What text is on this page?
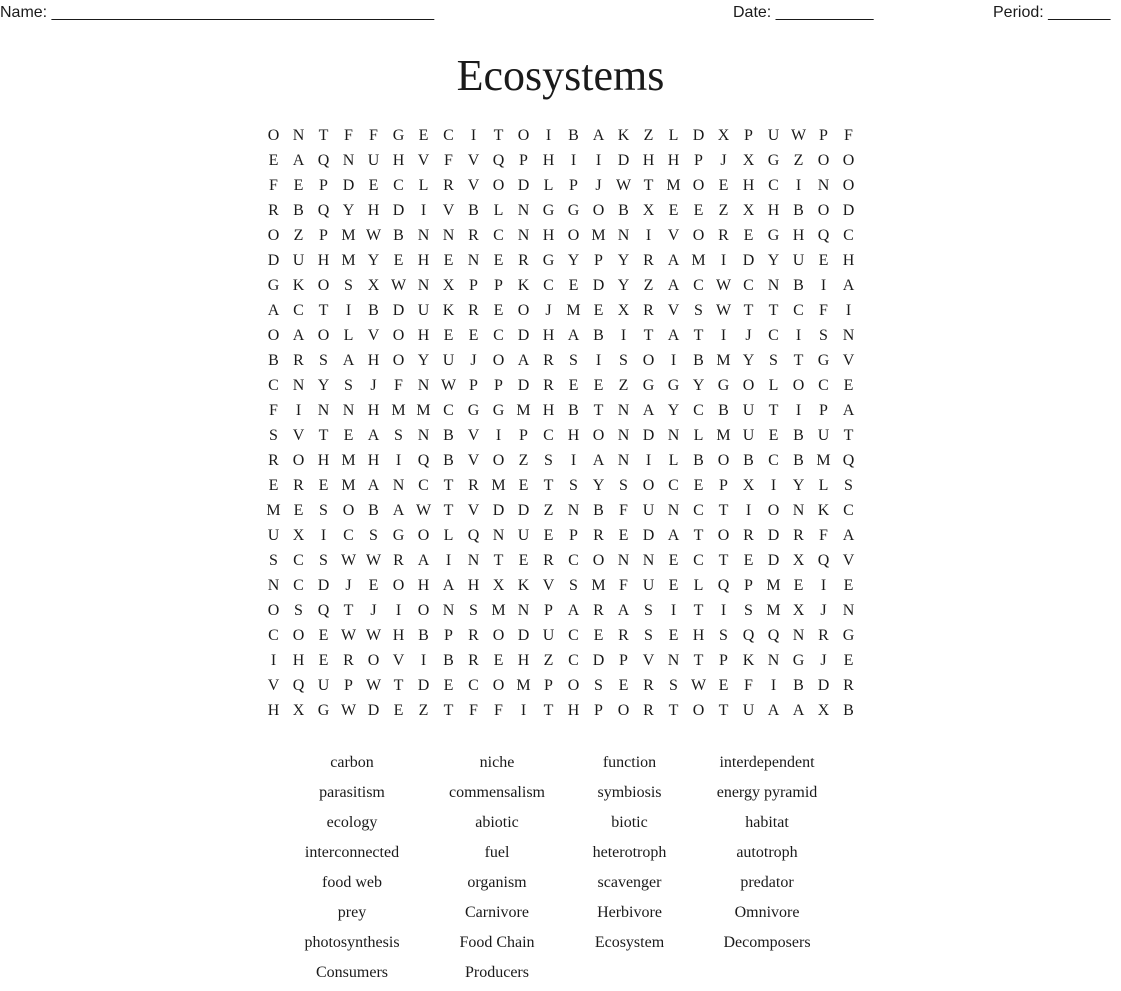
Name: ___________________________________________	Date: ___________	Period: _______
Ecosystems
O N T F	F G E C	I	T O	I	B A K Z L D X P U W P	F
E A Q N U H V F V Q P H	I	I	D H H P	J	X G Z O O
F E P D E C L R V O D L P	J W T M O E H C	I	N O
R B Q Y H D	I	V B L N G G O B X E E Z X H B O D
O Z P M W B N N R C N H O M N	I	V O R E G H Q C
D U H M Y E H E N E R G Y P Y R A M I	D Y U E H
G K O S X W N X P	P K C E D Y Z A C W C N B	I	A
A C T	I	B D U K R E O	J M E X R V S W T T C F	I
O A O L V O H E E C D H A B	I	T A T	I	J	C	I	S N
B R S A H O Y U	J	O A R S	I	S O	I	B M Y S T G V
C N Y S	J	F N W P	P D R E E Z G G Y G O L O C E
F	I	N N H M M C G G M H B T N A Y C B U T	I	P A
S V T E A S N B V	I	P C H O N D N L M U E B U T
R O H M H	I	Q B V O Z S	I	A N	I	L B O B C B M Q
E R E M A N C T R M E T S Y S O C E P X	I	Y L S
M E S O B A W T V D D Z N B F U N C T	I	O N K C
U X	I	C S G O L Q N U E P R E D A T O R D R F A
S C S W W R A	I	N T E R C O N N E C T E D X Q V
N C D	J	E O H A H X K V S M F U E L Q P M E	I	E
O S Q T	J	I	O N S M N P A R A S	I	T	I	S M X	J	N
C O E W W H B P R O D U C E R S E H S Q Q N R G
I	H E R O V	I	B R E H Z C D P V N T P K N G	J	E
V Q U P W T D E C O M P O S E R S W E F	I	B D R
H X G W D E Z T F	F	I	T H P O R T O T U A A X B
carbon	niche	function	interdependent
parasitism	commensalism	symbiosis	energy pyramid
ecology	abiotic	biotic	habitat
interconnected	fuel	heterotroph	autotroph
food web	organism	scavenger	predator
prey	Carnivore	Herbivore	Omnivore
photosynthesis	Food Chain	Ecosystem	Decomposers
Consumers	Producers
